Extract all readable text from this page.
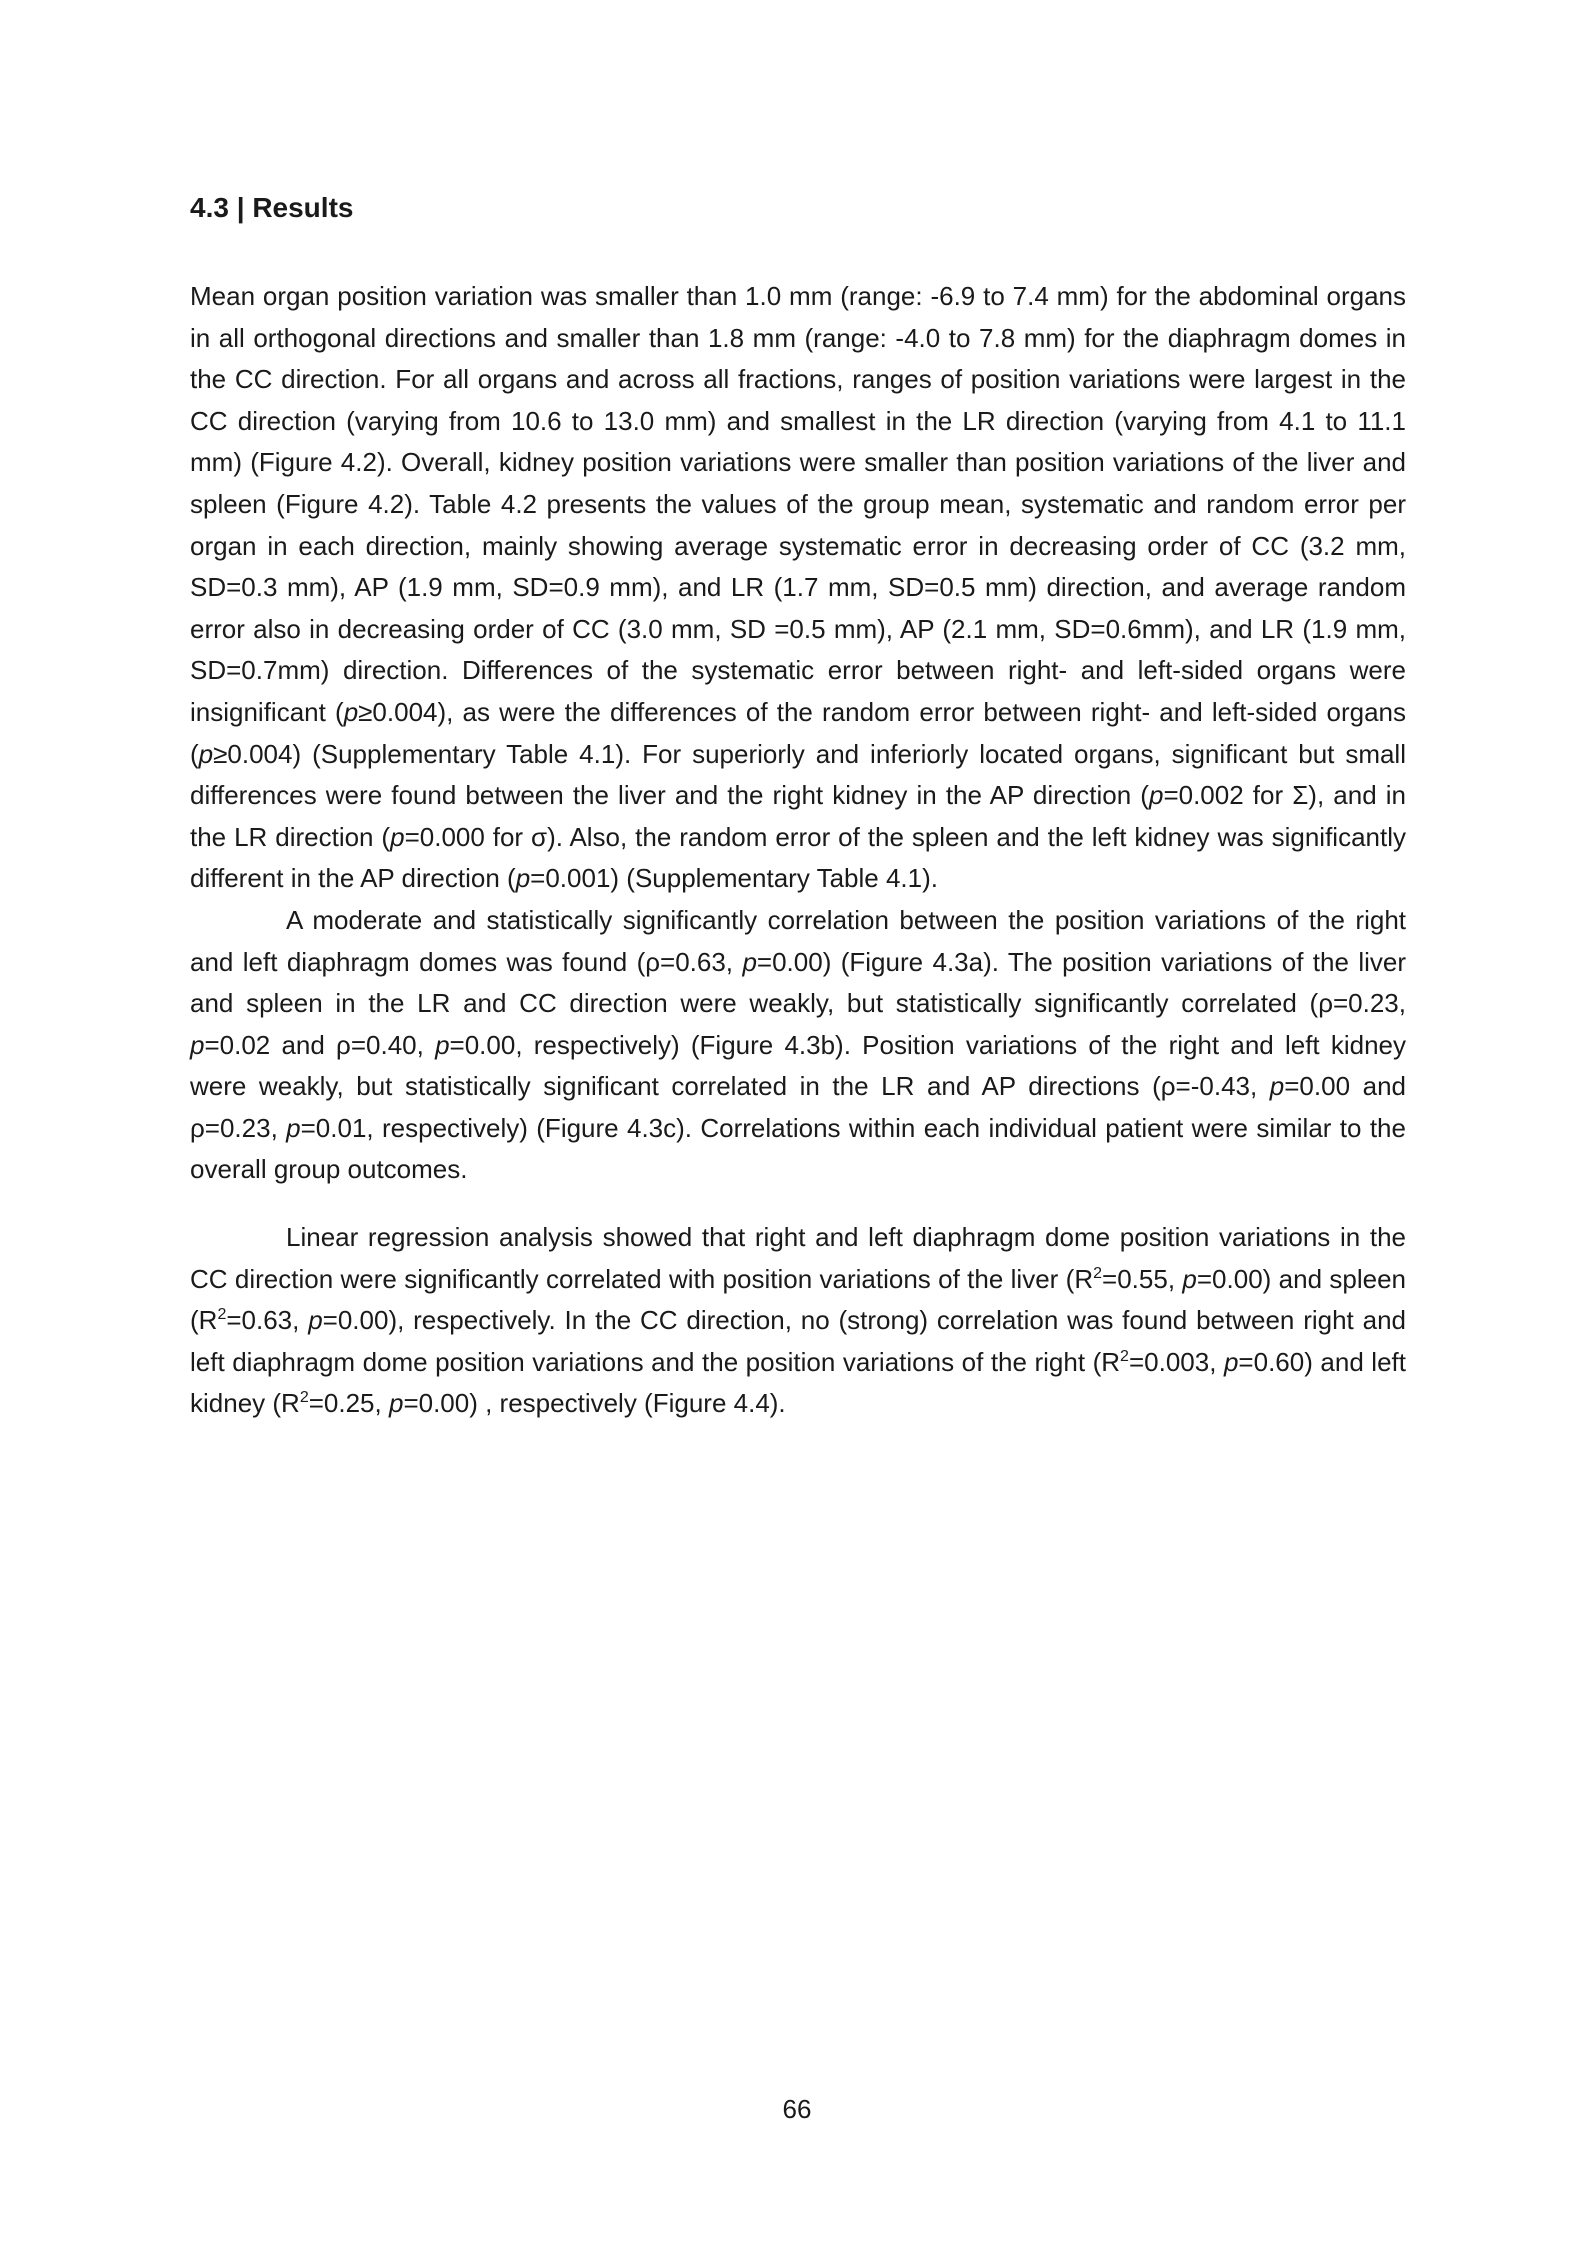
4.3 | Results

Mean organ position variation was smaller than 1.0 mm (range: -6.9 to 7.4 mm) for the abdominal organs in all orthogonal directions and smaller than 1.8 mm (range: -4.0 to 7.8 mm) for the diaphragm domes in the CC direction. For all organs and across all fractions, ranges of position variations were largest in the CC direction (varying from 10.6 to 13.0 mm) and smallest in the LR direction (varying from 4.1 to 11.1 mm) (Figure 4.2). Overall, kidney position variations were smaller than position variations of the liver and spleen (Figure 4.2). Table 4.2 presents the values of the group mean, systematic and random error per organ in each direction, mainly showing average systematic error in decreasing order of CC (3.2 mm, SD=0.3 mm), AP (1.9 mm, SD=0.9 mm), and LR (1.7 mm, SD=0.5 mm) direction, and average random error also in decreasing order of CC (3.0 mm, SD =0.5 mm), AP (2.1 mm, SD=0.6mm), and LR (1.9 mm, SD=0.7mm) direction. Differences of the systematic error between right- and left-sided organs were insignificant (p≥0.004), as were the differences of the random error between right- and left-sided organs (p≥0.004) (Supplementary Table 4.1). For superiorly and inferiorly located organs, significant but small differences were found between the liver and the right kidney in the AP direction (p=0.002 for Σ), and in the LR direction (p=0.000 for σ). Also, the random error of the spleen and the left kidney was significantly different in the AP direction (p=0.001) (Supplementary Table 4.1).

A moderate and statistically significantly correlation between the position variations of the right and left diaphragm domes was found (ρ=0.63, p=0.00) (Figure 4.3a). The position variations of the liver and spleen in the LR and CC direction were weakly, but statistically significantly correlated (ρ=0.23, p=0.02 and ρ=0.40, p=0.00, respectively) (Figure 4.3b). Position variations of the right and left kidney were weakly, but statistically significant correlated in the LR and AP directions (ρ=-0.43, p=0.00 and ρ=0.23, p=0.01, respectively) (Figure 4.3c). Correlations within each individual patient were similar to the overall group outcomes.

Linear regression analysis showed that right and left diaphragm dome position variations in the CC direction were significantly correlated with position variations of the liver ($R^2=0.55$, p=0.00) and spleen ($R^2=0.63$, p=0.00), respectively. In the CC direction, no (strong) correlation was found between right and left diaphragm dome position variations and the position variations of the right ($R^2=0.003$, p=0.60) and left kidney ($R^2=0.25$, p=0.00) , respectively (Figure 4.4).

66
